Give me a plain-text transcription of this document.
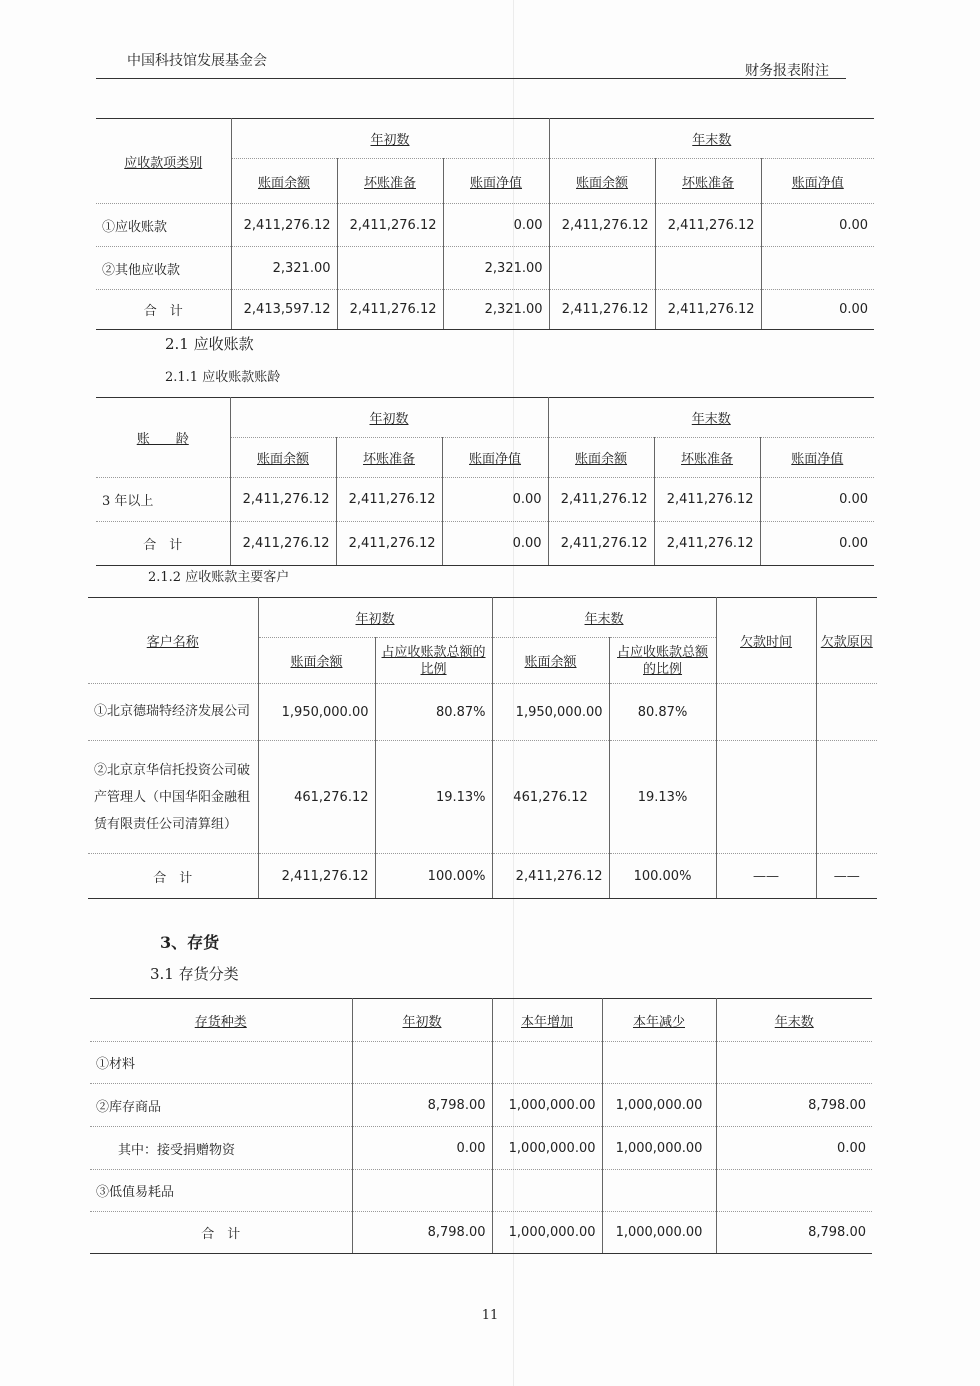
中国科技馆发展基金会
财务报表附注
应收款项类别	年初数			年末数		
	账面余额	坏账准备	账面净值	账面余额	坏账准备	账面净值
①应收账款	2,411,276.12	2,411,276.12	0.00	2,411,276.12	2,411,276.12	0.00
②其他应收款	2,321.00		2,321.00			
合　计	2,413,597.12	2,411,276.12	2,321.00	2,411,276.12	2,411,276.12	0.00
2.1 应收账款
2.1.1 应收账款账龄
账　　龄	年初数			年末数		
	账面余额	坏账准备	账面净值	账面余额	坏账准备	账面净值
3 年以上	2,411,276.12	2,411,276.12	0.00	2,411,276.12	2,411,276.12	0.00
合　计	2,411,276.12	2,411,276.12	0.00	2,411,276.12	2,411,276.12	0.00
2.1.2 应收账款主要客户
客户名称	年初数		年末数		欠款时间	欠款原因
	账面余额	占应收账款总额的比例	账面余额	占应收账款总额的比例		
①北京德瑞特经济发展公司	1,950,000.00	80.87%	1,950,000.00	80.87%		
②北京京华信托投资公司破产管理人（中国华阳金融租赁有限责任公司清算组）	461,276.12	19.13%	461,276.12	19.13%		
合　计	2,411,276.12	100.00%	2,411,276.12	100.00%	——	——
3、存货
3.1 存货分类
存货种类	年初数	本年增加	本年减少	年末数
①材料				
②库存商品	8,798.00	1,000,000.00	1,000,000.00	8,798.00
其中：接受捐赠物资	0.00	1,000,000.00	1,000,000.00	0.00
③低值易耗品				
合　计	8,798.00	1,000,000.00	1,000,000.00	8,798.00
11
